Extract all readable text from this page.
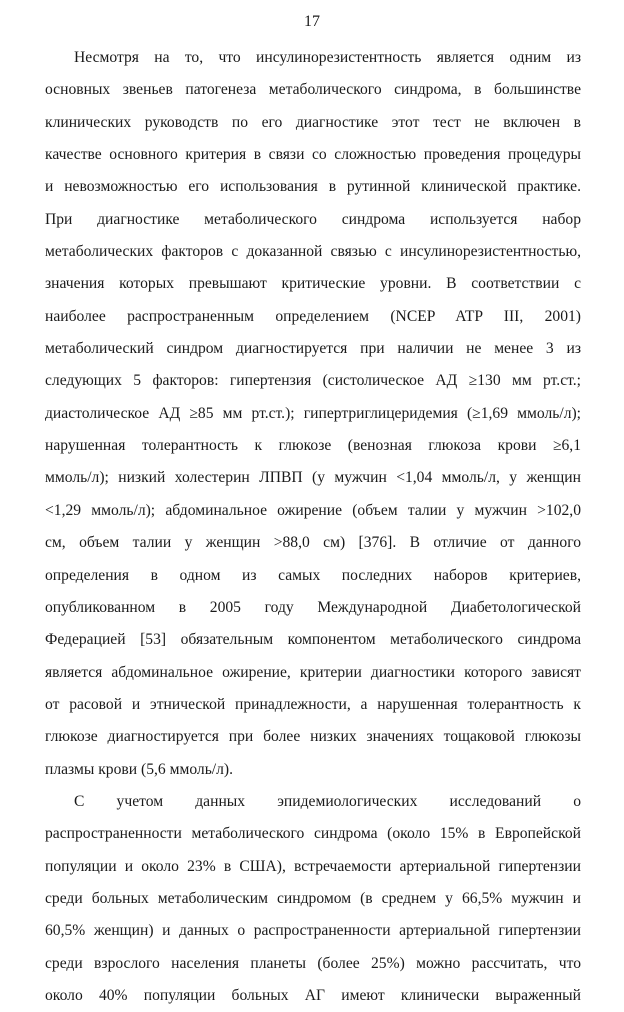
17
Несмотря на то, что инсулинорезистентность является одним из
основных звеньев патогенеза метаболического синдрома, в большинстве
клинических руководств по его диагностике этот тест не включен в
качестве основного критерия в связи со сложностью проведения процедуры
и невозможностью его использования в рутинной клинической практике.
При диагностике метаболического синдрома используется набор
метаболических факторов с доказанной связью с инсулинорезистентностью,
значения которых превышают критические уровни. В соответствии с
наиболее распространенным определением (NCEP ATP III, 2001)
метаболический синдром диагностируется при наличии не менее 3 из
следующих 5 факторов: гипертензия (систолическое АД ≥130 мм рт.ст.;
диастолическое АД ≥85 мм рт.ст.); гипертриглицеридемия (≥1,69 ммоль/л);
нарушенная толерантность к глюкозе (венозная глюкоза крови ≥6,1
ммоль/л); низкий холестерин ЛПВП (у мужчин <1,04 ммоль/л, у женщин
<1,29 ммоль/л); абдоминальное ожирение (объем талии у мужчин >102,0
см, объем талии у женщин >88,0 см) [376]. В отличие от данного
определения в одном из самых последних наборов критериев,
опубликованном в 2005 году Международной Диабетологической
Федерацией [53] обязательным компонентом метаболического синдрома
является абдоминальное ожирение, критерии диагностики которого зависят
от расовой и этнической принадлежности, а нарушенная толерантность к
глюкозе диагностируется при более низких значениях тощаковой глюкозы
плазмы крови (5,6 ммоль/л).
С учетом данных эпидемиологических исследований о
распространенности метаболического синдрома (около 15% в Европейской
популяции и около 23% в США), встречаемости артериальной гипертензии
среди больных метаболическим синдромом (в среднем у 66,5% мужчин и
60,5% женщин) и данных о распространенности артериальной гипертензии
среди взрослого населения планеты (более 25%) можно рассчитать, что
около 40% популяции больных АГ имеют клинически выраженный
